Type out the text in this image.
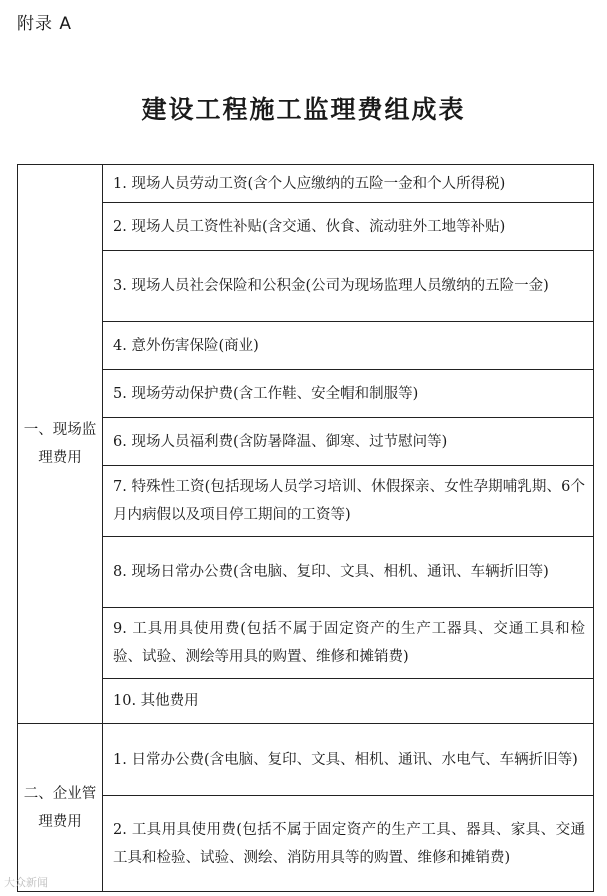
附录 A
建设工程施工监理费组成表
一、现场监理费用	1. 现场人员劳动工资(含个人应缴纳的五险一金和个人所得税)
	2. 现场人员工资性补贴(含交通、伙食、流动驻外工地等补贴)
	3. 现场人员社会保险和公积金(公司为现场监理人员缴纳的五险一金)
	4. 意外伤害保险(商业)
	5. 现场劳动保护费(含工作鞋、安全帽和制服等)
	6. 现场人员福利费(含防暑降温、御寒、过节慰问等)
	7. 特殊性工资(包括现场人员学习培训、休假探亲、女性孕期哺乳期、6个月内病假以及项目停工期间的工资等)
	8. 现场日常办公费(含电脑、复印、文具、相机、通讯、车辆折旧等)
	9. 工具用具使用费(包括不属于固定资产的生产工器具、交通工具和检验、试验、测绘等用具的购置、维修和摊销费)
	10. 其他费用
二、企业管理费用	1. 日常办公费(含电脑、复印、文具、相机、通讯、水电气、车辆折旧等)
	2. 工具用具使用费(包括不属于固定资产的生产工具、器具、家具、交通工具和检验、试验、测绘、消防用具等的购置、维修和摊销费)
大众新闻
